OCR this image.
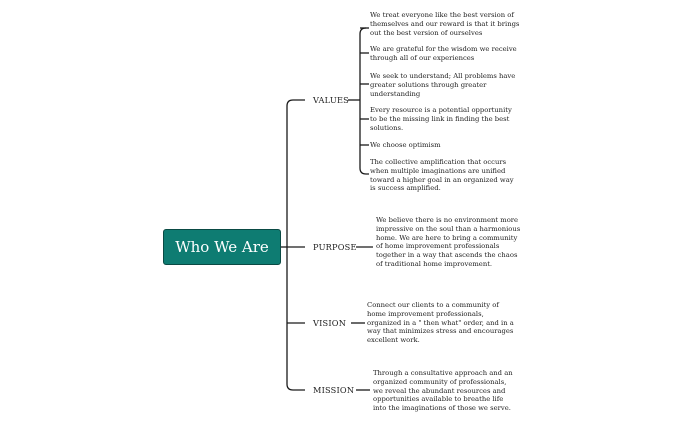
Who We Are
VALUES
PURPOSE
VISION
MISSION
We treat everyone like the best version of themselves and our reward is that it brings out the best version of ourselves
We are grateful for the wisdom we receive through all of our experiences
We seek to understand; All problems have greater solutions through greater understanding
Every resource is a potential opportunity to be the missing link in finding the best solutions.
We choose optimism
The collective amplification that occurs when multiple imaginations are unified toward a higher goal in an organized way is success amplified.
We believe there is no environment more impressive on the soul than a harmonious home. We are here to bring a community of home improvement professionals together in a way that ascends the chaos of traditional home improvement.
Connect our clients to a community of home improvement professionals, organized in a " then what" order, and in a way that minimizes stress and encourages excellent work.
Through a consultative approach and an organized community of professionals, we reveal the abundant resources and opportunities available to breathe life into the imaginations of those we serve.
